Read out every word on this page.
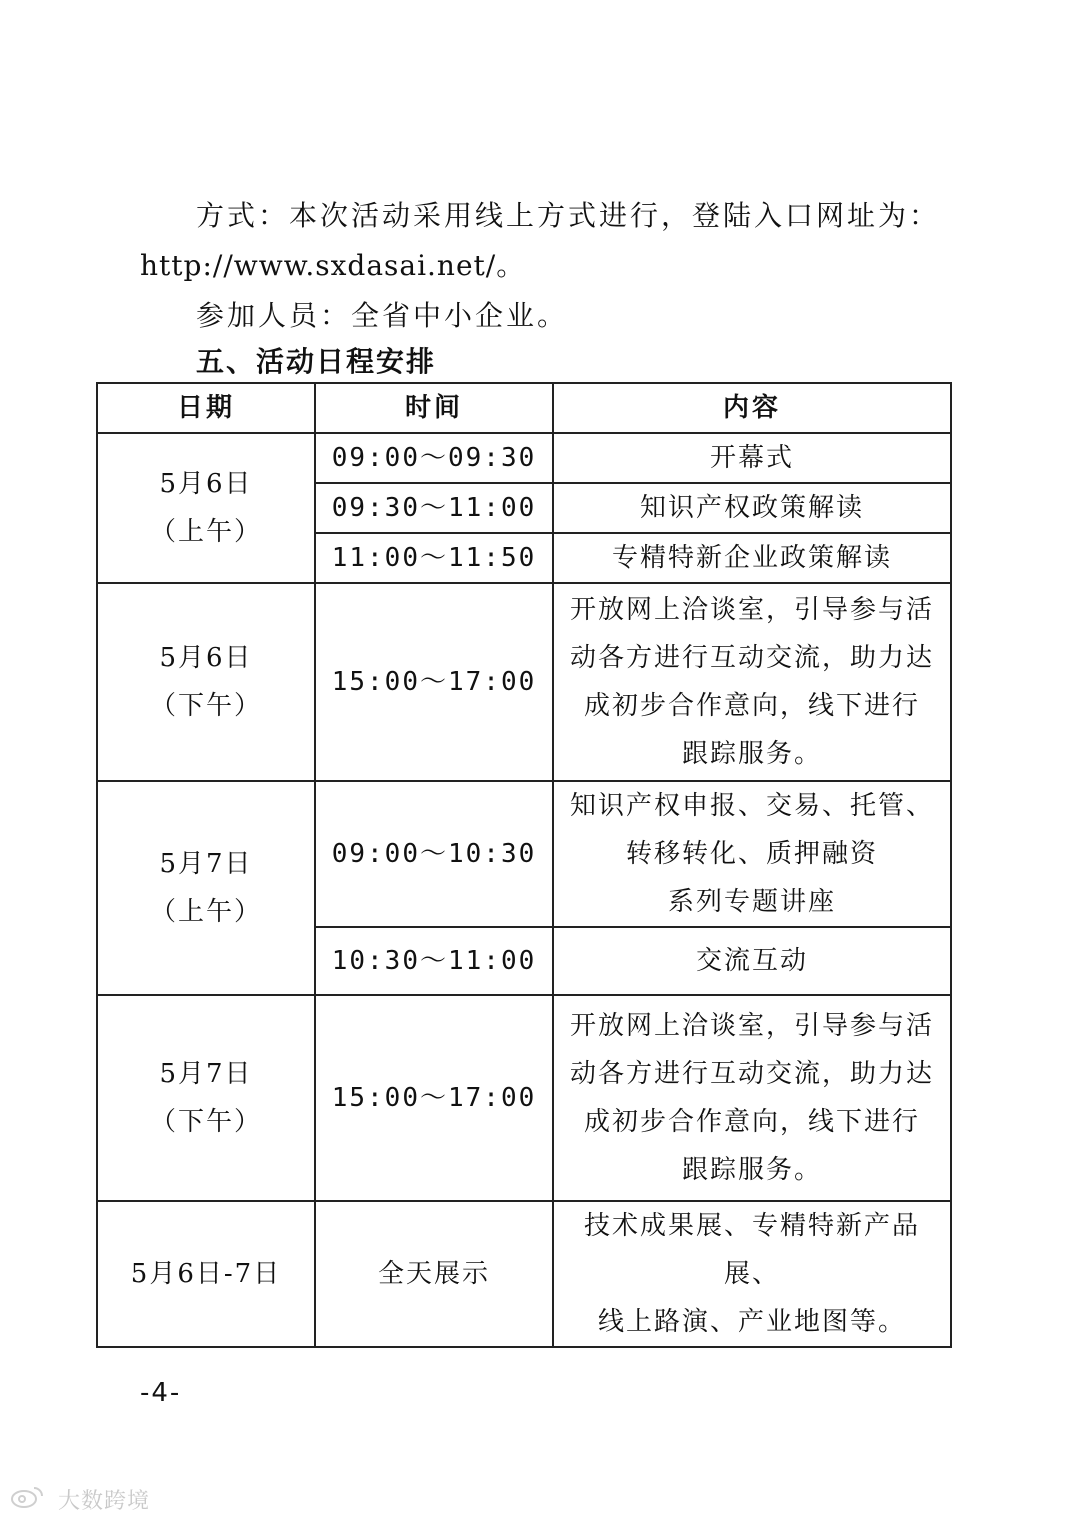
方式：本次活动采用线上方式进行，登陆入口网址为：

http://www.sxdasai.net/。

参加人员：全省中小企业。

五、活动日程安排

日期	时间	内容

5月6日
（上午）	09:00～09:30	开幕式
	09:30～11:00	知识产权政策解读
	11:00～11:50	专精特新企业政策解读

5月6日
（下午）	15:00～17:00	开放网上洽谈室，引导参与活
动各方进行互动交流，助力达
成初步合作意向，线下进行
跟踪服务。

5月7日
（上午）	09:00～10:30	知识产权申报、交易、托管、
转移转化、质押融资
系列专题讲座

	10:30～11:00	交流互动

5月7日
（下午）	15:00～17:00	开放网上洽谈室，引导参与活
动各方进行互动交流，助力达
成初步合作意向，线下进行
跟踪服务。

5月6日-7日	全天展示	技术成果展、专精特新产品展、
线上路演、产业地图等。
-4-
大数跨境
